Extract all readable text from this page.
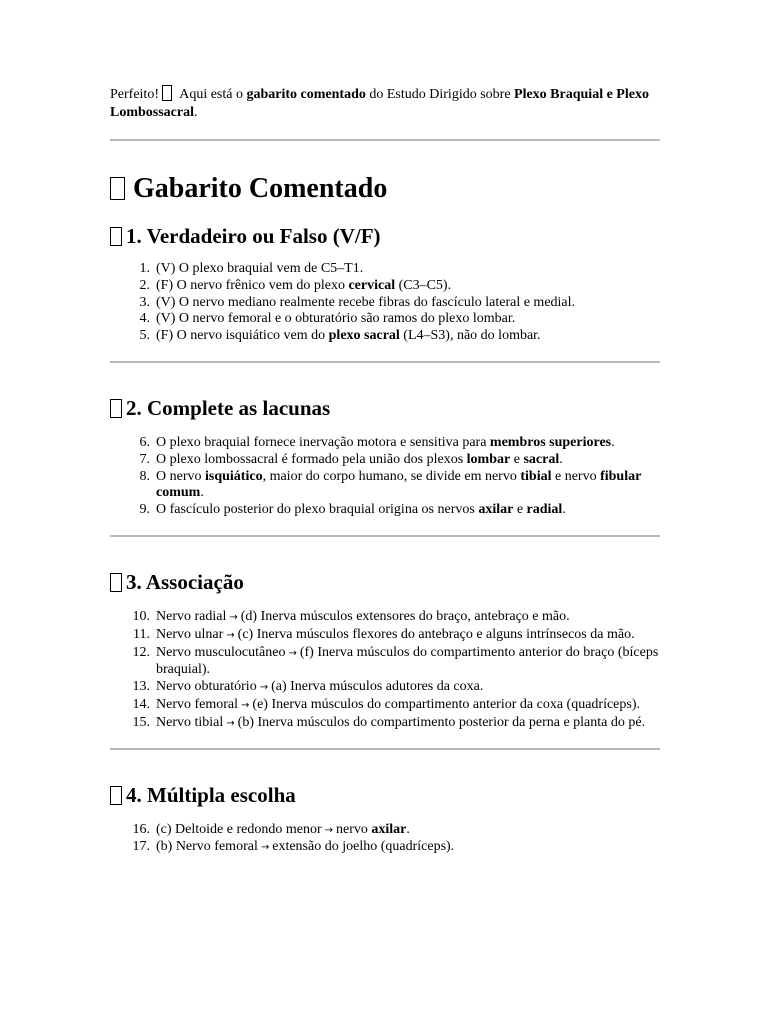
Perfeito!  Aqui está o gabarito comentado do Estudo Dirigido sobre Plexo Braquial e Plexo Lombossacral.

Gabarito Comentado
1. Verdadeiro ou Falso (V/F)
1. (V) O plexo braquial vem de C5–T1.
2. (F) O nervo frênico vem do plexo cervical (C3–C5).
3. (V) O nervo mediano realmente recebe fibras do fascículo lateral e medial.
4. (V) O nervo femoral e o obturatório são ramos do plexo lombar.
5. (F) O nervo isquiático vem do plexo sacral (L4–S3), não do lombar.
2. Complete as lacunas
6. O plexo braquial fornece inervação motora e sensitiva para membros superiores.
7. O plexo lombossacral é formado pela união dos plexos lombar e sacral.
8. O nervo isquiático, maior do corpo humano, se divide em nervo tibial e nervo fibular comum.
9. O fascículo posterior do plexo braquial origina os nervos axilar e radial.
3. Associação
10. Nervo radial → (d) Inerva músculos extensores do braço, antebraço e mão.
11. Nervo ulnar → (c) Inerva músculos flexores do antebraço e alguns intrínsecos da mão.
12. Nervo musculocutâneo → (f) Inerva músculos do compartimento anterior do braço (bíceps braquial).
13. Nervo obturatório → (a) Inerva músculos adutores da coxa.
14. Nervo femoral → (e) Inerva músculos do compartimento anterior da coxa (quadríceps).
15. Nervo tibial → (b) Inerva músculos do compartimento posterior da perna e planta do pé.
4. Múltipla escolha
16. (c) Deltoide e redondo menor → nervo axilar.
17. (b) Nervo femoral → extensão do joelho (quadríceps).
